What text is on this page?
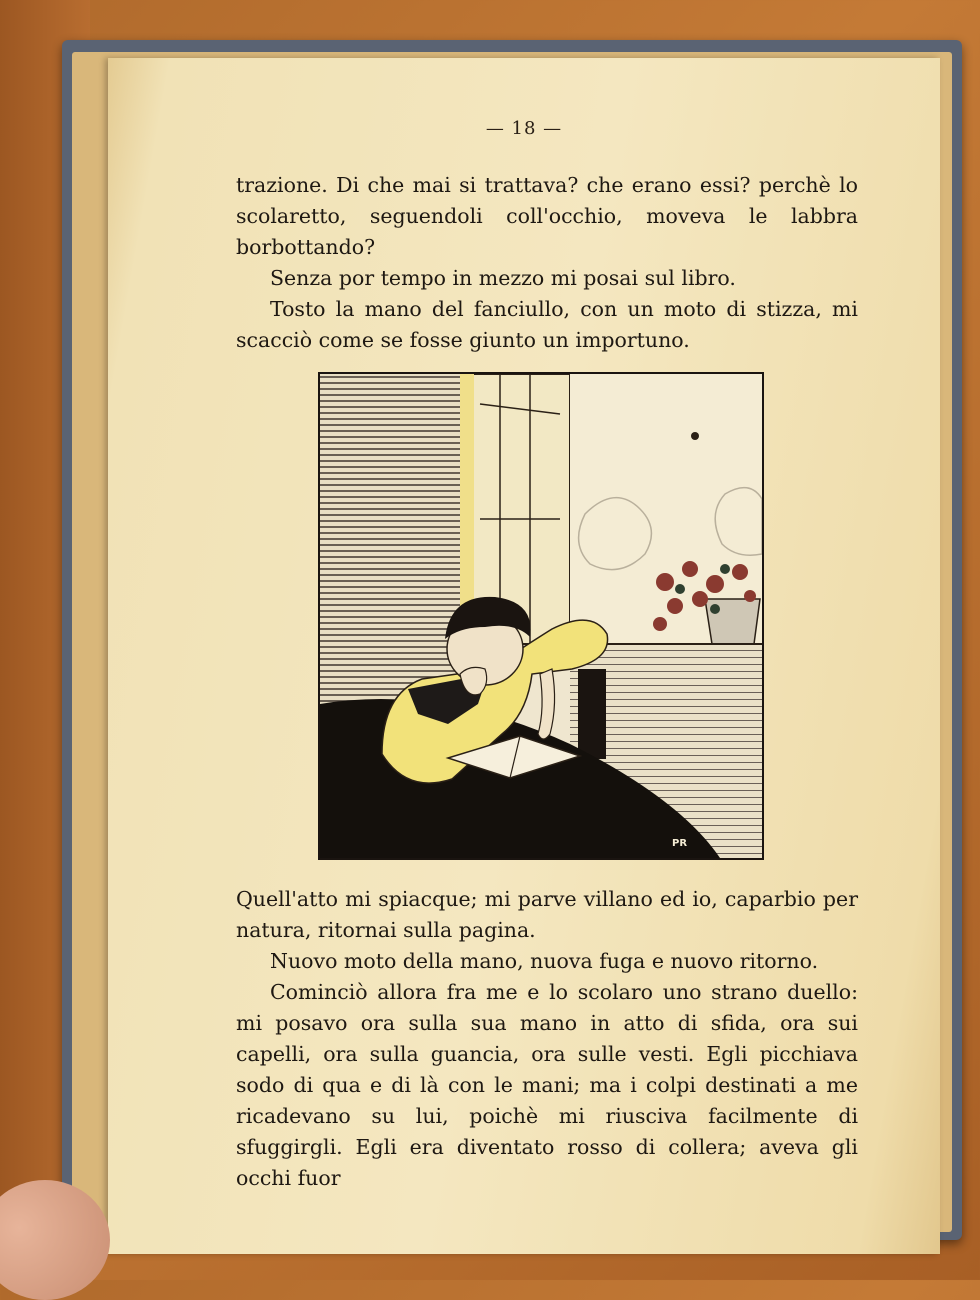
— 18 —

trazione. Di che mai si trattava? che erano essi? perchè lo scolaretto, seguendoli coll'occhio, moveva le labbra borbottando?

Senza por tempo in mezzo mi posai sul libro.

Tosto la mano del fanciullo, con un moto di stizza, mi scacciò come se fosse giunto un importuno.

PR

Quell'atto mi spiacque; mi parve villano ed io, caparbio per natura, ritornai sulla pagina.

Nuovo moto della mano, nuova fuga e nuovo ritorno.

Cominciò allora fra me e lo scolaro uno strano duello: mi posavo ora sulla sua mano in atto di sfida, ora sui capelli, ora sulla guancia, ora sulle vesti. Egli picchiava sodo di qua e di là con le mani; ma i colpi destinati a me ricadevano su lui, poichè mi riusciva facilmente di sfuggirgli. Egli era diventato rosso di collera; aveva gli occhi fuor
